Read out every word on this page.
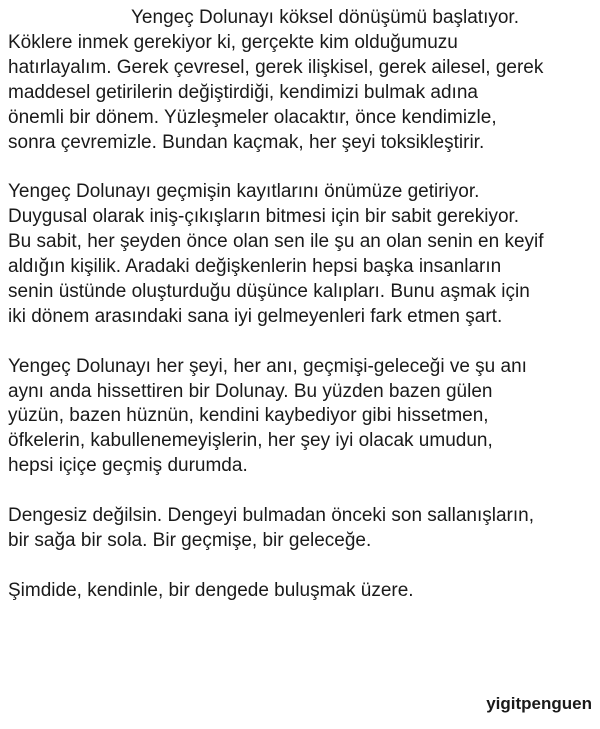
Yengeç Dolunayı köksel dönüşümü başlatıyor.
Köklere inmek gerekiyor ki, gerçekte kim olduğumuzu
hatırlayalım. Gerek çevresel, gerek ilişkisel, gerek ailesel, gerek
maddesel getirilerin değiştirdiği, kendimizi bulmak adına
önemli bir dönem. Yüzleşmeler olacaktır, önce kendimizle,
sonra çevremizle. Bundan kaçmak, her şeyi toksikleştirir.
Yengeç Dolunayı geçmişin kayıtlarını önümüze getiriyor.
Duygusal olarak iniş-çıkışların bitmesi için bir sabit gerekiyor.
Bu sabit, her şeyden önce olan sen ile şu an olan senin en keyif
aldığın kişilik. Aradaki değişkenlerin hepsi başka insanların
senin üstünde oluşturduğu düşünce kalıpları. Bunu aşmak için
iki dönem arasındaki sana iyi gelmeyenleri fark etmen şart.
Yengeç Dolunayı her şeyi, her anı, geçmişi-geleceği ve şu anı
aynı anda hissettiren bir Dolunay. Bu yüzden bazen gülen
yüzün, bazen hüznün, kendini kaybediyor gibi hissetmen,
öfkelerin, kabullenemeyişlerin, her şey iyi olacak umudun,
hepsi içiçe geçmiş durumda.
Dengesiz değilsin. Dengeyi bulmadan önceki son sallanışların,
bir sağa bir sola. Bir geçmişe, bir geleceğe.
Şimdide, kendinle, bir dengede buluşmak üzere.
yigitpenguen
